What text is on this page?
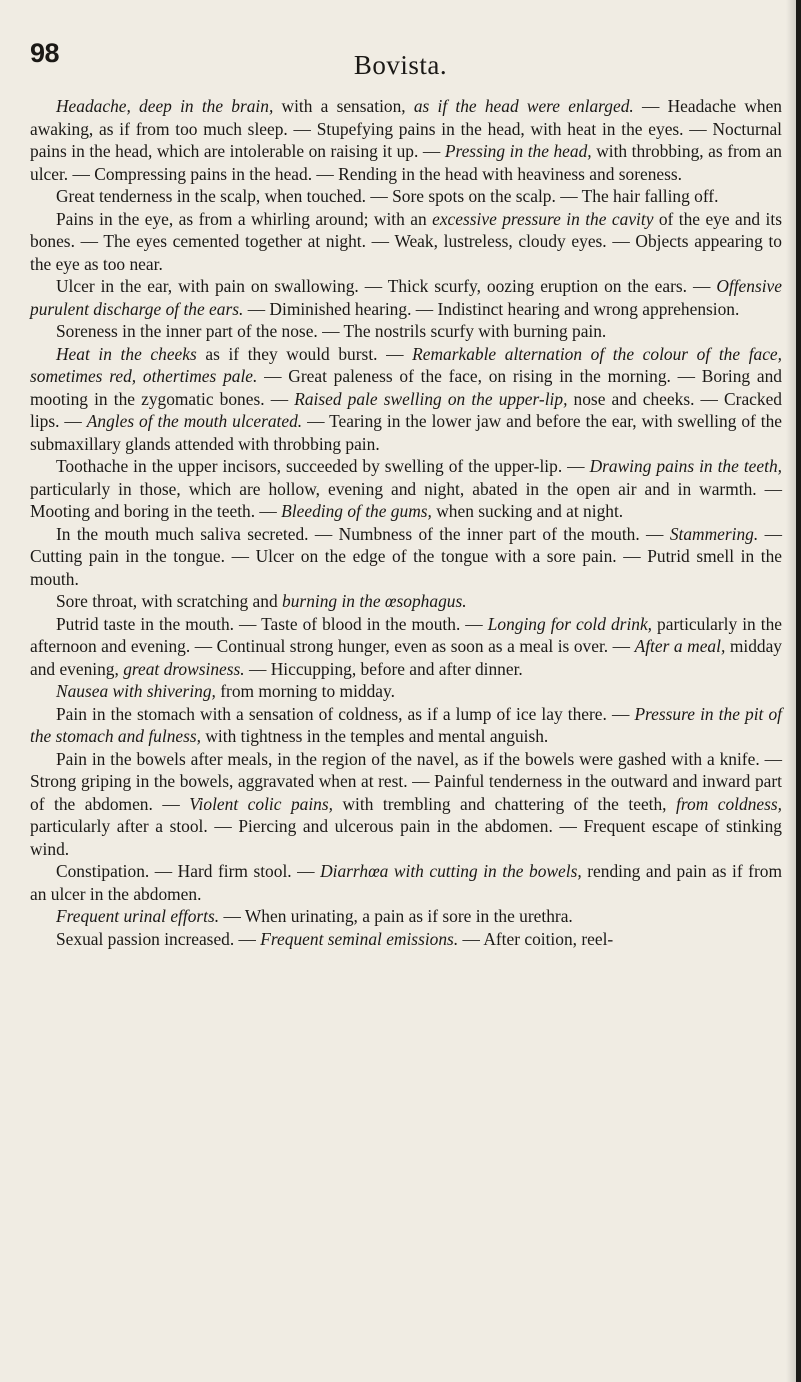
98	Bovista.

Headache, deep in the brain, with a sensation, as if the head were enlarged. — Headache when awaking, as if from too much sleep. — Stupefying pains in the head, with heat in the eyes. — Nocturnal pains in the head, which are intolerable on raising it up. — Pressing in the head, with throbbing, as from an ulcer. — Compressing pains in the head. — Rending in the head with heaviness and soreness.

Great tenderness in the scalp, when touched. — Sore spots on the scalp. — The hair falling off.

Pains in the eye, as from a whirling around; with an excessive pressure in the cavity of the eye and its bones. — The eyes cemented together at night. — Weak, lustreless, cloudy eyes. — Objects appearing to the eye as too near.

Ulcer in the ear, with pain on swallowing. — Thick scurfy, oozing eruption on the ears. — Offensive purulent discharge of the ears. — Diminished hearing. — Indistinct hearing and wrong apprehension.

Soreness in the inner part of the nose. — The nostrils scurfy with burning pain.

Heat in the cheeks as if they would burst. — Remarkable alternation of the colour of the face, sometimes red, othertimes pale. — Great paleness of the face, on rising in the morning. — Boring and mooting in the zygomatic bones. — Raised pale swelling on the upper-lip, nose and cheeks. — Cracked lips. — Angles of the mouth ulcerated. — Tearing in the lower jaw and before the ear, with swelling of the submaxillary glands attended with throbbing pain.

Toothache in the upper incisors, succeeded by swelling of the upper-lip. — Drawing pains in the teeth, particularly in those, which are hollow, evening and night, abated in the open air and in warmth. — Mooting and boring in the teeth. — Bleeding of the gums, when sucking and at night.

In the mouth much saliva secreted. — Numbness of the inner part of the mouth. — Stammering. — Cutting pain in the tongue. — Ulcer on the edge of the tongue with a sore pain. — Putrid smell in the mouth.

Sore throat, with scratching and burning in the œsophagus.

Putrid taste in the mouth. — Taste of blood in the mouth. — Longing for cold drink, particularly in the afternoon and evening. — Continual strong hunger, even as soon as a meal is over. — After a meal, midday and evening, great drowsiness. — Hiccupping, before and after dinner.

Nausea with shivering, from morning to midday.

Pain in the stomach with a sensation of coldness, as if a lump of ice lay there. — Pressure in the pit of the stomach and fulness, with tightness in the temples and mental anguish.

Pain in the bowels after meals, in the region of the navel, as if the bowels were gashed with a knife. — Strong griping in the bowels, aggravated when at rest. — Painful tenderness in the outward and inward part of the abdomen. — Violent colic pains, with trembling and chattering of the teeth, from coldness, particularly after a stool. — Piercing and ulcerous pain in the abdomen. — Frequent escape of stinking wind.

Constipation. — Hard firm stool. — Diarrhœa with cutting in the bowels, rending and pain as if from an ulcer in the abdomen.

Frequent urinal efforts. — When urinating, a pain as if sore in the urethra.

Sexual passion increased. — Frequent seminal emissions. — After coition, reel-
